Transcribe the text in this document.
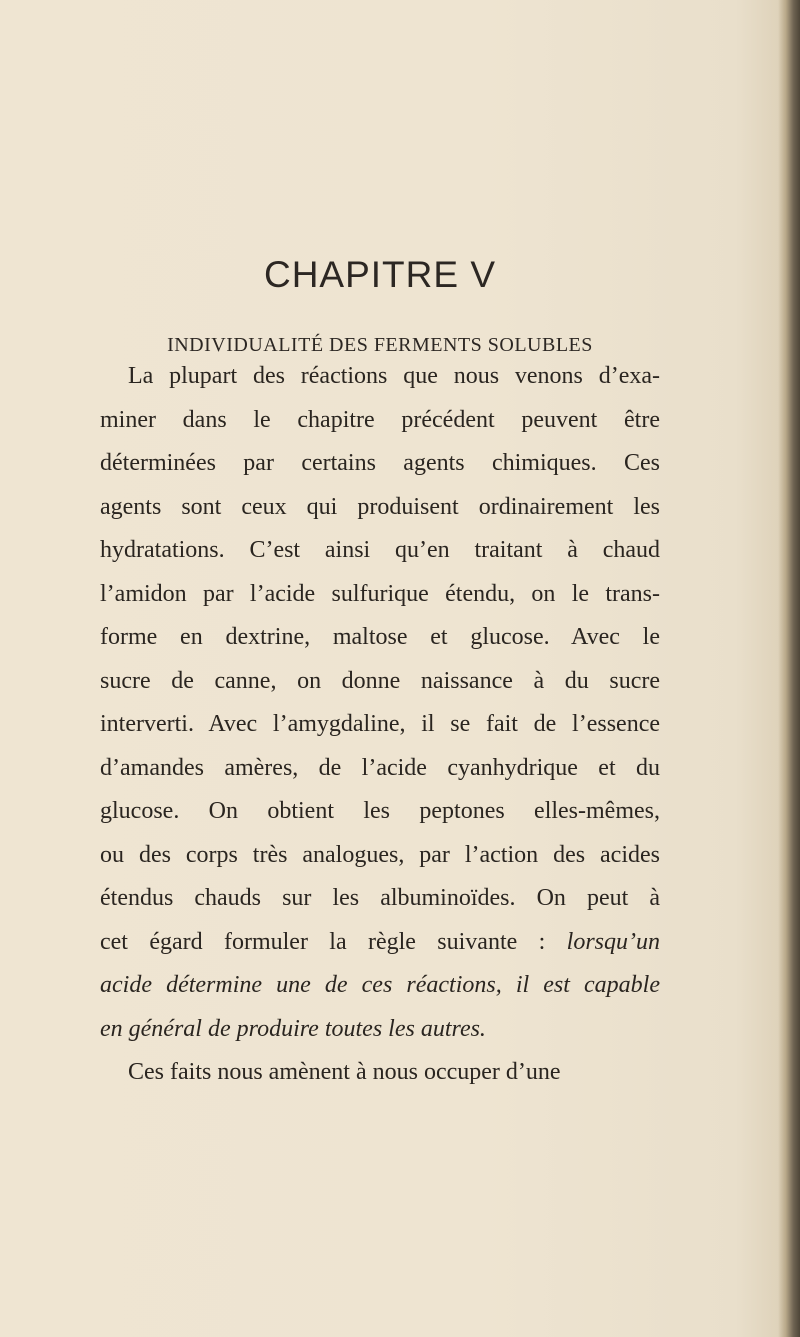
CHAPITRE V
INDIVIDUALITÉ DES FERMENTS SOLUBLES
La plupart des réactions que nous venons d’exa-
miner dans le chapitre précédent peuvent être
déterminées par certains agents chimiques. Ces
agents sont ceux qui produisent ordinairement les
hydratations. C’est ainsi qu’en traitant à chaud
l’amidon par l’acide sulfurique étendu, on le trans-
forme en dextrine, maltose et glucose. Avec le
sucre de canne, on donne naissance à du sucre
interverti. Avec l’amygdaline, il se fait de l’essence
d’amandes amères, de l’acide cyanhydrique et du
glucose. On obtient les peptones elles-mêmes,
ou des corps très analogues, par l’action des acides
étendus chauds sur les albuminoïdes. On peut à
cet égard formuler la règle suivante : lorsqu’un
acide détermine une de ces réactions, il est capable
en général de produire toutes les autres.
Ces faits nous amènent à nous occuper d’une
